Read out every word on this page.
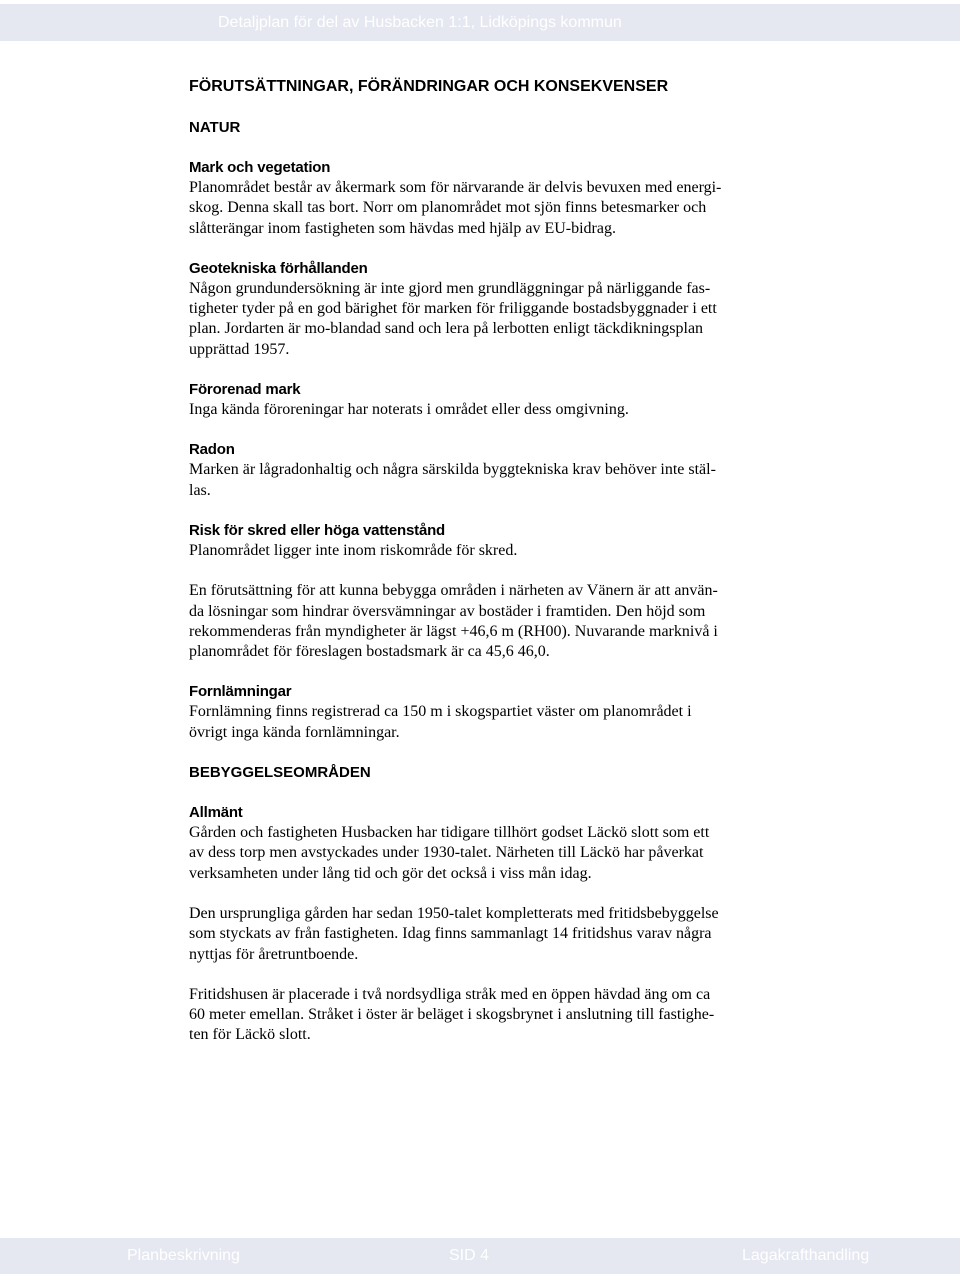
Detaljplan för del av Husbacken 1:1, Lidköpings kommun
FÖRUTSÄTTNINGAR, FÖRÄNDRINGAR OCH KONSEKVENSER
NATUR
Mark och vegetation
Planområdet består av åkermark som för närvarande är delvis bevuxen med energi-
skog. Denna skall tas bort. Norr om planområdet mot sjön finns betesmarker och
slåtterängar inom fastigheten som hävdas med hjälp av EU-bidrag.
Geotekniska förhållanden
Någon grundundersökning är inte gjord men grundläggningar på närliggande fas-
tigheter tyder på en god bärighet för marken för friliggande bostadsbyggnader i ett
plan. Jordarten är mo-blandad sand och lera på lerbotten enligt täckdikningsplan
upprättad 1957.
Förorenad mark
Inga kända föroreningar har noterats i området eller dess omgivning.
Radon
Marken är lågradonhaltig och några särskilda byggtekniska krav behöver inte stäl-
las.
Risk för skred eller höga vattenstånd
Planområdet ligger inte inom riskområde för skred.
En förutsättning för att kunna bebygga områden i närheten av Vänern är att använ-
da lösningar som hindrar översvämningar av bostäder i framtiden. Den höjd som
rekommenderas från myndigheter är lägst +46,6 m (RH00). Nuvarande marknivå i
planområdet för föreslagen bostadsmark är ca 45,6 46,0.
Fornlämningar
Fornlämning finns registrerad ca 150 m i skogspartiet väster om planområdet i
övrigt inga kända fornlämningar.
BEBYGGELSEOMRÅDEN
Allmänt
Gården och fastigheten Husbacken har tidigare tillhört godset Läckö slott som ett
av dess torp men avstyckades under 1930-talet. Närheten till Läckö har påverkat
verksamheten under lång tid och gör det också i viss mån idag.
Den ursprungliga gården har sedan 1950-talet kompletterats med fritidsbebyggelse
som styckats av från fastigheten. Idag finns sammanlagt 14 fritidshus varav några
nyttjas för åretruntboende.
Fritidshusen är placerade i två nordsydliga stråk med en öppen hävdad äng om ca
60 meter emellan. Stråket i öster är beläget i skogsbrynet i anslutning till fastighe-
ten för Läckö slott.
Planbeskrivning	SID 4	Lagakrafthandling
